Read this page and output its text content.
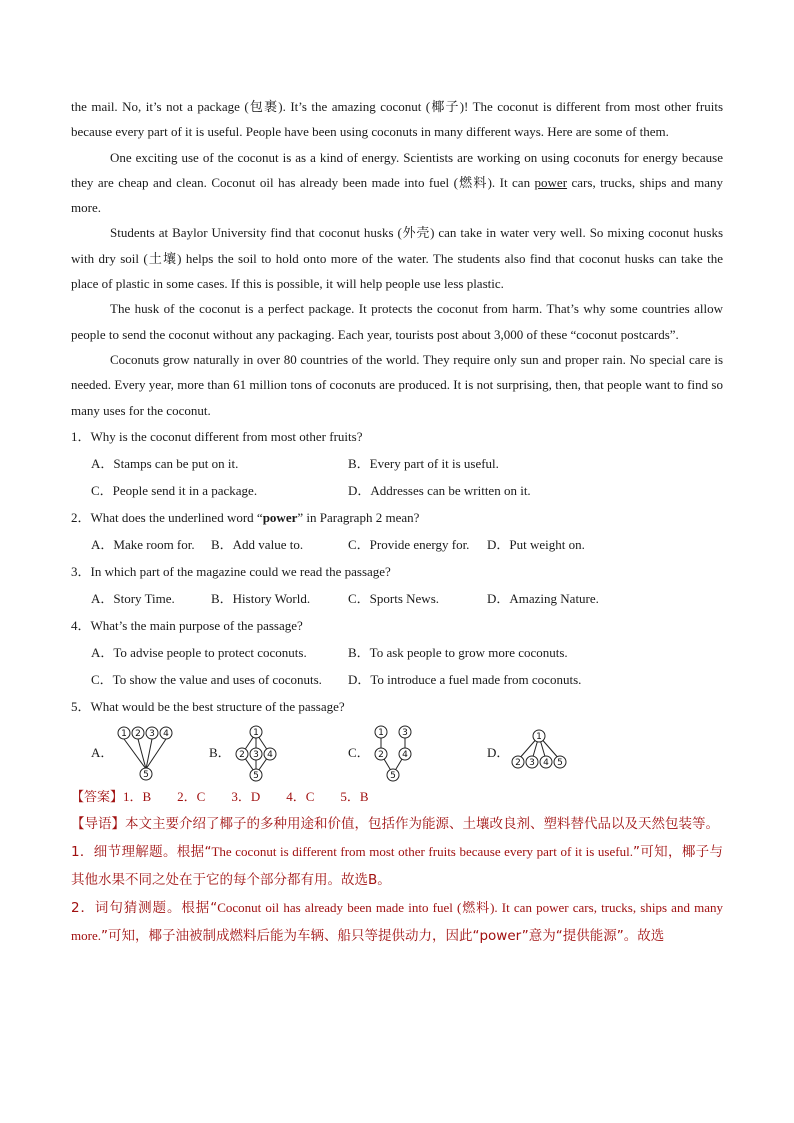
the mail. No, it’s not a package (包裹). It’s the amazing coconut (椰子)! The coconut is different from most other fruits because every part of it is useful. People have been using coconuts in many different ways. Here are some of them.

One exciting use of the coconut is as a kind of energy. Scientists are working on using coconuts for energy because they are cheap and clean. Coconut oil has already been made into fuel (燃料). It can power cars, trucks, ships and many more.

Students at Baylor University find that coconut husks (外壳) can take in water very well. So mixing coconut husks with dry soil (土壤) helps the soil to hold onto more of the water. The students also find that coconut husks can take the place of plastic in some cases. If this is possible, it will help people use less plastic.

The husk of the coconut is a perfect package. It protects the coconut from harm. That’s why some countries allow people to send the coconut without any packaging. Each year, tourists post about 3,000 of these “coconut postcards”.

Coconuts grow naturally in over 80 countries of the world. They require only sun and proper rain. No special care is needed. Every year, more than 61 million tons of coconuts are produced. It is not surprising, then, that people want to find so many uses for the coconut.

1．Why is the coconut different from most other fruits?

A．Stamps can be put on it.	B．Every part of it is useful.
C．People send it in a package.	D．Addresses can be written on it.

2．What does the underlined word “power” in Paragraph 2 mean?

A．Make room for. B．Add value to.	C．Provide energy for. D．Put weight on.

3．In which part of the magazine could we read the passage?

A．Story Time.	B．History World.	C．Sports News.	D．Amazing Nature.

4．What’s the main purpose of the passage?

A．To advise people to protect coconuts.	B．To ask people to grow more coconuts.
C．To show the value and uses of coconuts. D．To introduce a fuel made from coconuts.

5．What would be the best structure of the passage?

A．
1 2 3 4
5
B．
1
2 3 4
5
C．
1 3
2 4
5
D．
1
2 3 4 5

【答案】1．B　　2．C　　3．D　　4．C　　5．B

【导语】本文主要介绍了椰子的多种用途和价值，包括作为能源、土壤改良剂、塑料替代品以及天然包装等。

1．细节理解题。根据“The coconut is different from most other fruits because every part of it is useful.”可知，椰子与其他水果不同之处在于它的每个部分都有用。故选B。

2．词句猜测题。根据“Coconut oil has already been made into fuel (燃料). It can power cars, trucks, ships and many more.”可知，椰子油被制成燃料后能为车辆、船只等提供动力，因此“power”意为“提供能源”。故选
